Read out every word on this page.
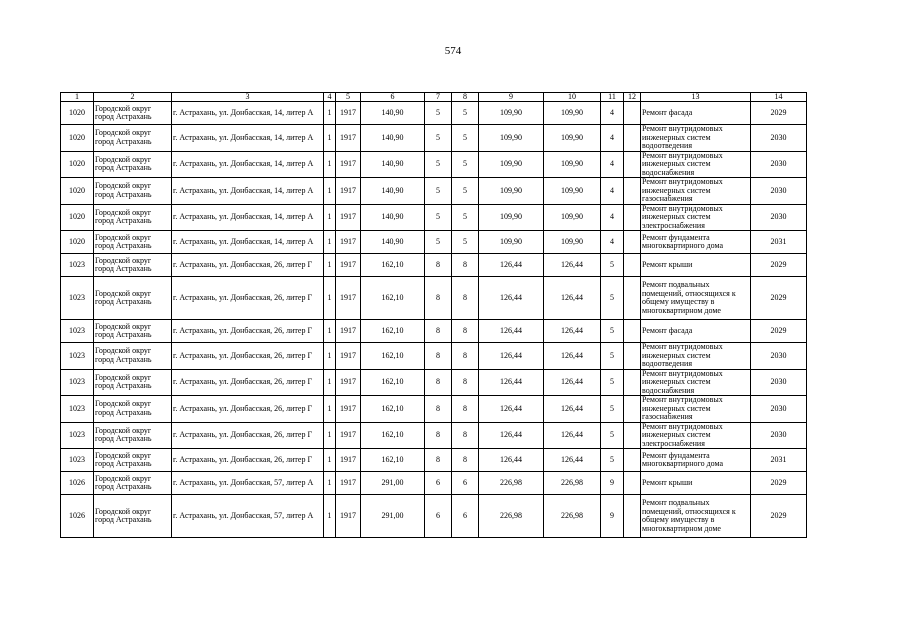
574
1	2	3	4	5	6	7	8	9	10	11	12	13	14
1020	Городской округ город Астрахань	г. Астрахань, ул. Донбасская, 14, литер А	1	1917	140,90	5	5	109,90	109,90	4		Ремонт фасада	2029
1020	Городской округ город Астрахань	г. Астрахань, ул. Донбасская, 14, литер А	1	1917	140,90	5	5	109,90	109,90	4		Ремонт внутридомовых инженерных систем водоотведения	2030
1020	Городской округ город Астрахань	г. Астрахань, ул. Донбасская, 14, литер А	1	1917	140,90	5	5	109,90	109,90	4		Ремонт внутридомовых инженерных систем водоснабжения	2030
1020	Городской округ город Астрахань	г. Астрахань, ул. Донбасская, 14, литер А	1	1917	140,90	5	5	109,90	109,90	4		Ремонт внутридомовых инженерных систем газоснабжения	2030
1020	Городской округ город Астрахань	г. Астрахань, ул. Донбасская, 14, литер А	1	1917	140,90	5	5	109,90	109,90	4		Ремонт внутридомовых инженерных систем электроснабжения	2030
1020	Городской округ город Астрахань	г. Астрахань, ул. Донбасская, 14, литер А	1	1917	140,90	5	5	109,90	109,90	4		Ремонт фундамента многоквартирного дома	2031
1023	Городской округ город Астрахань	г. Астрахань, ул. Донбасская, 26, литер Г	1	1917	162,10	8	8	126,44	126,44	5		Ремонт крыши	2029
1023	Городской округ город Астрахань	г. Астрахань, ул. Донбасская, 26, литер Г	1	1917	162,10	8	8	126,44	126,44	5		Ремонт подвальных помещений, относящихся к общему имуществу в многоквартирном доме	2029
1023	Городской округ город Астрахань	г. Астрахань, ул. Донбасская, 26, литер Г	1	1917	162,10	8	8	126,44	126,44	5		Ремонт фасада	2029
1023	Городской округ город Астрахань	г. Астрахань, ул. Донбасская, 26, литер Г	1	1917	162,10	8	8	126,44	126,44	5		Ремонт внутридомовых инженерных систем водоотведения	2030
1023	Городской округ город Астрахань	г. Астрахань, ул. Донбасская, 26, литер Г	1	1917	162,10	8	8	126,44	126,44	5		Ремонт внутридомовых инженерных систем водоснабжения	2030
1023	Городской округ город Астрахань	г. Астрахань, ул. Донбасская, 26, литер Г	1	1917	162,10	8	8	126,44	126,44	5		Ремонт внутридомовых инженерных систем газоснабжения	2030
1023	Городской округ город Астрахань	г. Астрахань, ул. Донбасская, 26, литер Г	1	1917	162,10	8	8	126,44	126,44	5		Ремонт внутридомовых инженерных систем электроснабжения	2030
1023	Городской округ город Астрахань	г. Астрахань, ул. Донбасская, 26, литер Г	1	1917	162,10	8	8	126,44	126,44	5		Ремонт фундамента многоквартирного дома	2031
1026	Городской округ город Астрахань	г. Астрахань, ул. Донбасская, 57, литер А	1	1917	291,00	6	6	226,98	226,98	9		Ремонт крыши	2029
1026	Городской округ город Астрахань	г. Астрахань, ул. Донбасская, 57, литер А	1	1917	291,00	6	6	226,98	226,98	9		Ремонт подвальных помещений, относящихся к общему имуществу в многоквартирном доме	2029
